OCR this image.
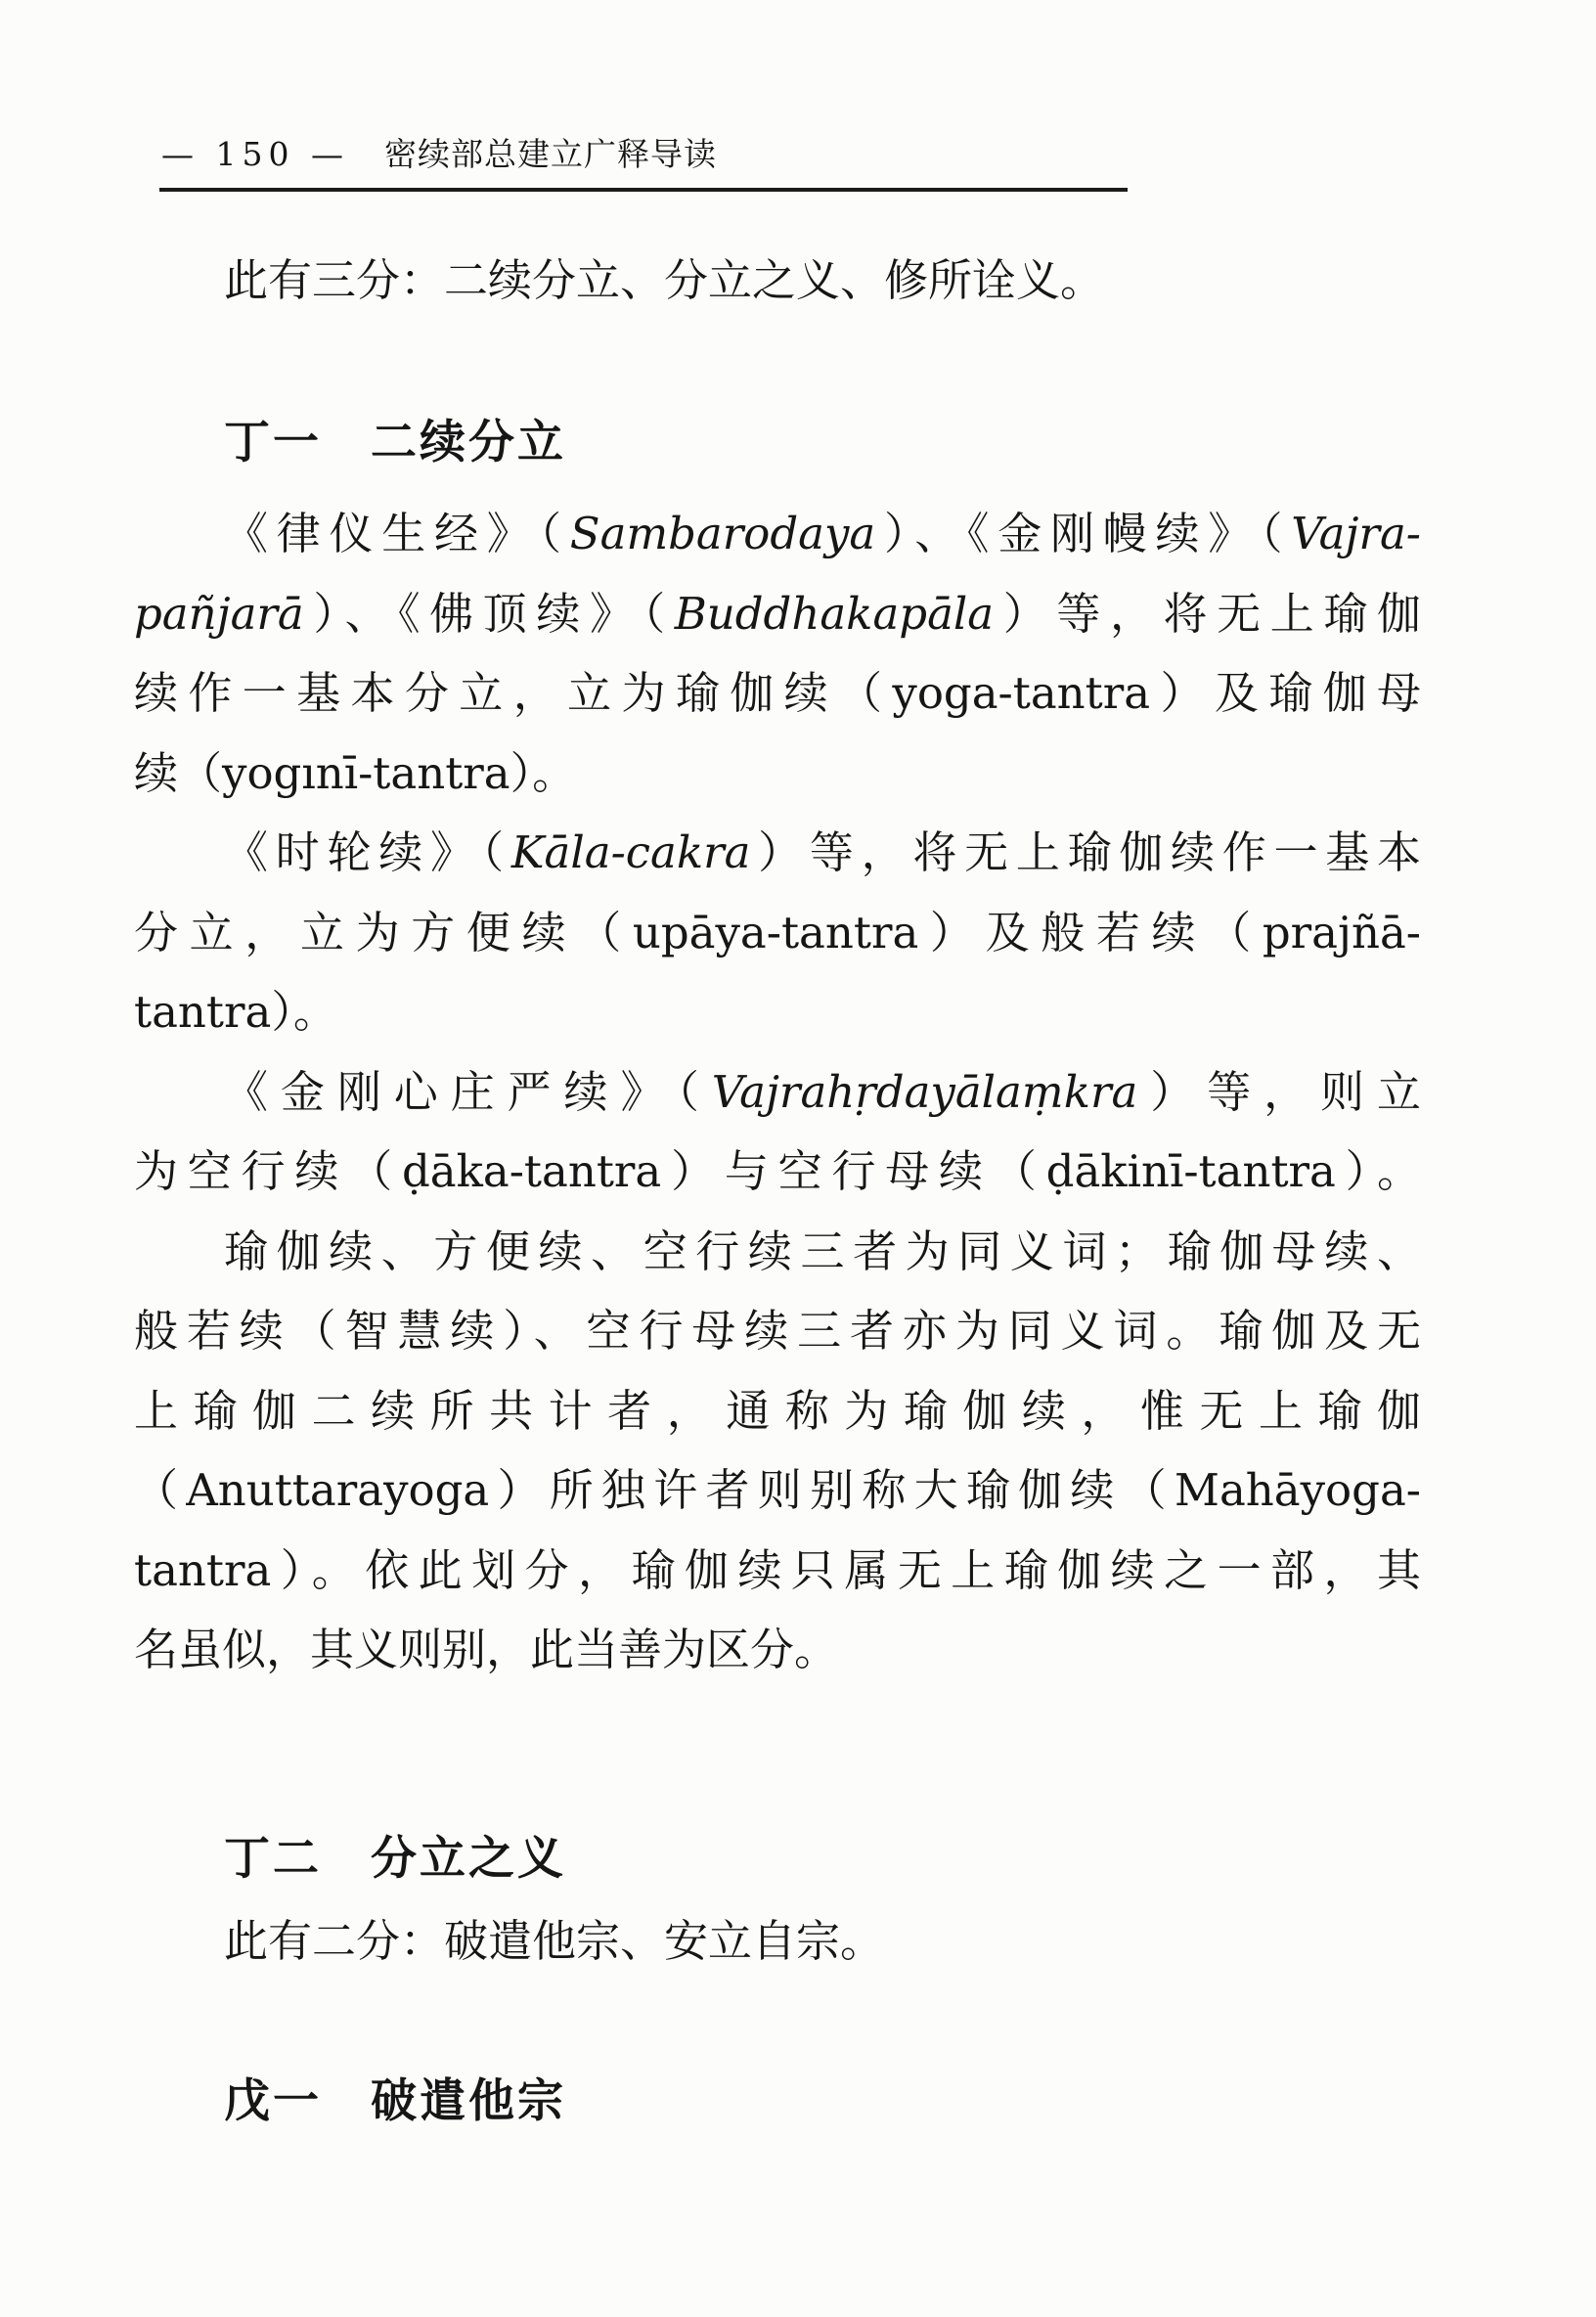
— 150 — 密续部总建立广释导读
此有三分：二续分立、分立之义、修所诠义。
丁一　二续分立
《律仪生经》（Sambarodaya）、《金刚幔续》（Vajra-
pañjarā）、《佛顶续》（Buddhakapāla）等，将无上瑜伽
续作一基本分立，立为瑜伽续（yoga-tantra）及瑜伽母
续（yogınī-tantra）。
《时轮续》（Kāla-cakra）等，将无上瑜伽续作一基本
分立，立为方便续（upāya-tantra）及般若续（prajñā-
tantra）。
《金刚心庄严续》（Vajrahṛdayālaṃkra）等，则立
为空行续（ḍāka-tantra）与空行母续（ḍākinī-tantra）。
瑜伽续、方便续、空行续三者为同义词；瑜伽母续、
般若续（智慧续）、空行母续三者亦为同义词。瑜伽及无
上瑜伽二续所共计者，通称为瑜伽续，惟无上瑜伽
（Anuttarayoga）所独许者则别称大瑜伽续（Mahāyoga-
tantra）。依此划分，瑜伽续只属无上瑜伽续之一部，其
名虽似，其义则别，此当善为区分。
丁二　分立之义
此有二分：破遣他宗、安立自宗。
戊一　破遣他宗
